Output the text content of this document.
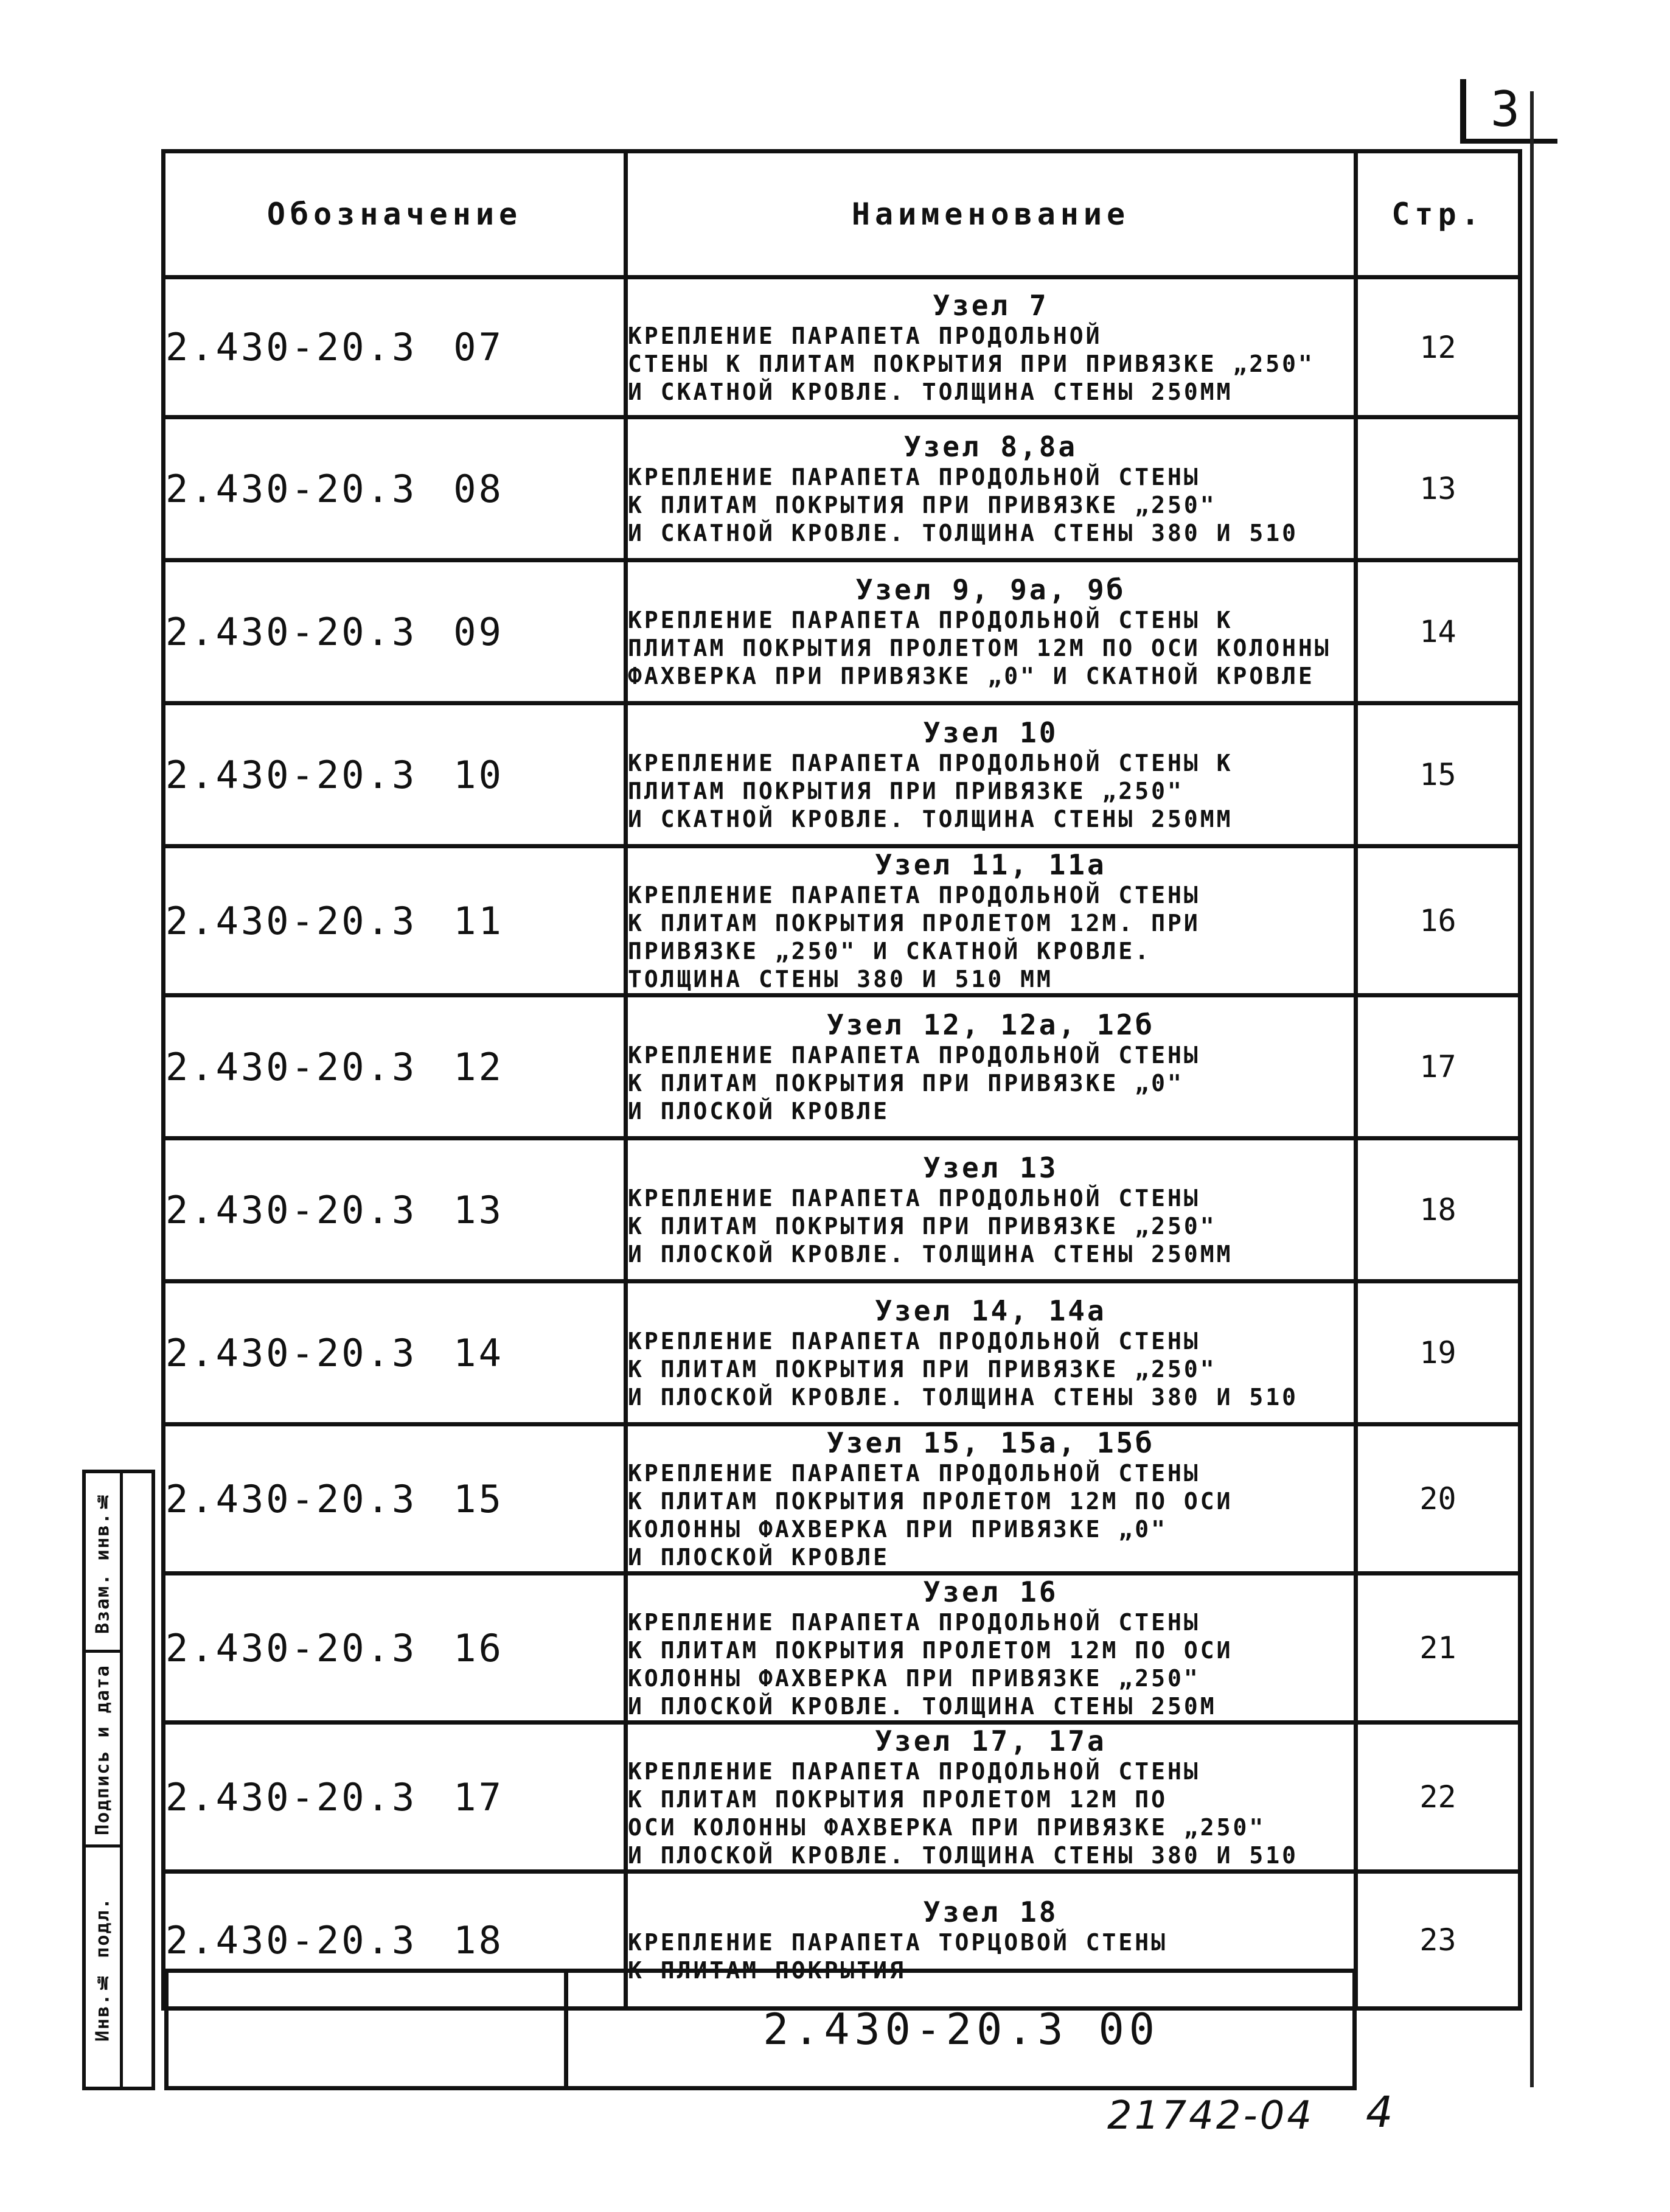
3
Обозначение	Наименование	Стр.
2.430-20.3 07	Узел 7
КРЕПЛЕНИЕ ПАРАПЕТА ПРОДОЛЬНОЙ
СТЕНЫ К ПЛИТАМ ПОКРЫТИЯ ПРИ ПРИВЯЗКЕ „250"
И СКАТНОЙ КРОВЛЕ. ТОЛЩИНА СТЕНЫ 250ММ	12
2.430-20.3 08	Узел 8,8а
КРЕПЛЕНИЕ ПАРАПЕТА ПРОДОЛЬНОЙ СТЕНЫ
К ПЛИТАМ ПОКРЫТИЯ ПРИ ПРИВЯЗКЕ „250"
И СКАТНОЙ КРОВЛЕ. ТОЛЩИНА СТЕНЫ 380 И 510	13
2.430-20.3 09	Узел 9, 9а, 9б
КРЕПЛЕНИЕ ПАРАПЕТА ПРОДОЛЬНОЙ СТЕНЫ К
ПЛИТАМ ПОКРЫТИЯ ПРОЛЕТОМ 12М ПО ОСИ КОЛОННЫ
ФАХВЕРКА ПРИ ПРИВЯЗКЕ „0" И СКАТНОЙ КРОВЛЕ	14
2.430-20.3 10	Узел 10
КРЕПЛЕНИЕ ПАРАПЕТА ПРОДОЛЬНОЙ СТЕНЫ К
ПЛИТАМ ПОКРЫТИЯ ПРИ ПРИВЯЗКЕ „250"
И СКАТНОЙ КРОВЛЕ. ТОЛЩИНА СТЕНЫ 250ММ	15
2.430-20.3 11	Узел 11, 11а
КРЕПЛЕНИЕ ПАРАПЕТА ПРОДОЛЬНОЙ СТЕНЫ
К ПЛИТАМ ПОКРЫТИЯ ПРОЛЕТОМ 12М. ПРИ
ПРИВЯЗКЕ „250" И СКАТНОЙ КРОВЛЕ.
ТОЛЩИНА СТЕНЫ 380 И 510 ММ	16
2.430-20.3 12	Узел 12, 12а, 12б
КРЕПЛЕНИЕ ПАРАПЕТА ПРОДОЛЬНОЙ СТЕНЫ
К ПЛИТАМ ПОКРЫТИЯ ПРИ ПРИВЯЗКЕ „0"
И ПЛОСКОЙ КРОВЛЕ	17
2.430-20.3 13	Узел 13
КРЕПЛЕНИЕ ПАРАПЕТА ПРОДОЛЬНОЙ СТЕНЫ
К ПЛИТАМ ПОКРЫТИЯ ПРИ ПРИВЯЗКЕ „250"
И ПЛОСКОЙ КРОВЛЕ. ТОЛЩИНА СТЕНЫ 250ММ	18
2.430-20.3 14	Узел 14, 14а
КРЕПЛЕНИЕ ПАРАПЕТА ПРОДОЛЬНОЙ СТЕНЫ
К ПЛИТАМ ПОКРЫТИЯ ПРИ ПРИВЯЗКЕ „250"
И ПЛОСКОЙ КРОВЛЕ. ТОЛЩИНА СТЕНЫ 380 И 510	19
2.430-20.3 15	Узел 15, 15а, 15б
КРЕПЛЕНИЕ ПАРАПЕТА ПРОДОЛЬНОЙ СТЕНЫ
К ПЛИТАМ ПОКРЫТИЯ ПРОЛЕТОМ 12М ПО ОСИ
КОЛОННЫ ФАХВЕРКА ПРИ ПРИВЯЗКЕ „0"
И ПЛОСКОЙ КРОВЛЕ	20
2.430-20.3 16	Узел 16
КРЕПЛЕНИЕ ПАРАПЕТА ПРОДОЛЬНОЙ СТЕНЫ
К ПЛИТАМ ПОКРЫТИЯ ПРОЛЕТОМ 12М ПО ОСИ
КОЛОННЫ ФАХВЕРКА ПРИ ПРИВЯЗКЕ „250"
И ПЛОСКОЙ КРОВЛЕ. ТОЛЩИНА СТЕНЫ 250М	21
2.430-20.3 17	Узел 17, 17а
КРЕПЛЕНИЕ ПАРАПЕТА ПРОДОЛЬНОЙ СТЕНЫ
К ПЛИТАМ ПОКРЫТИЯ ПРОЛЕТОМ 12М ПО
ОСИ КОЛОННЫ ФАХВЕРКА ПРИ ПРИВЯЗКЕ „250"
И ПЛОСКОЙ КРОВЛЕ. ТОЛЩИНА СТЕНЫ 380 И 510	22
2.430-20.3 18	Узел 18
КРЕПЛЕНИЕ ПАРАПЕТА ТОРЦОВОЙ СТЕНЫ
К ПЛИТАМ ПОКРЫТИЯ	23
2.430-20.3 00
Инв.№ подл.
Подпись и дата
Взам. инв.№
21742-04 4
